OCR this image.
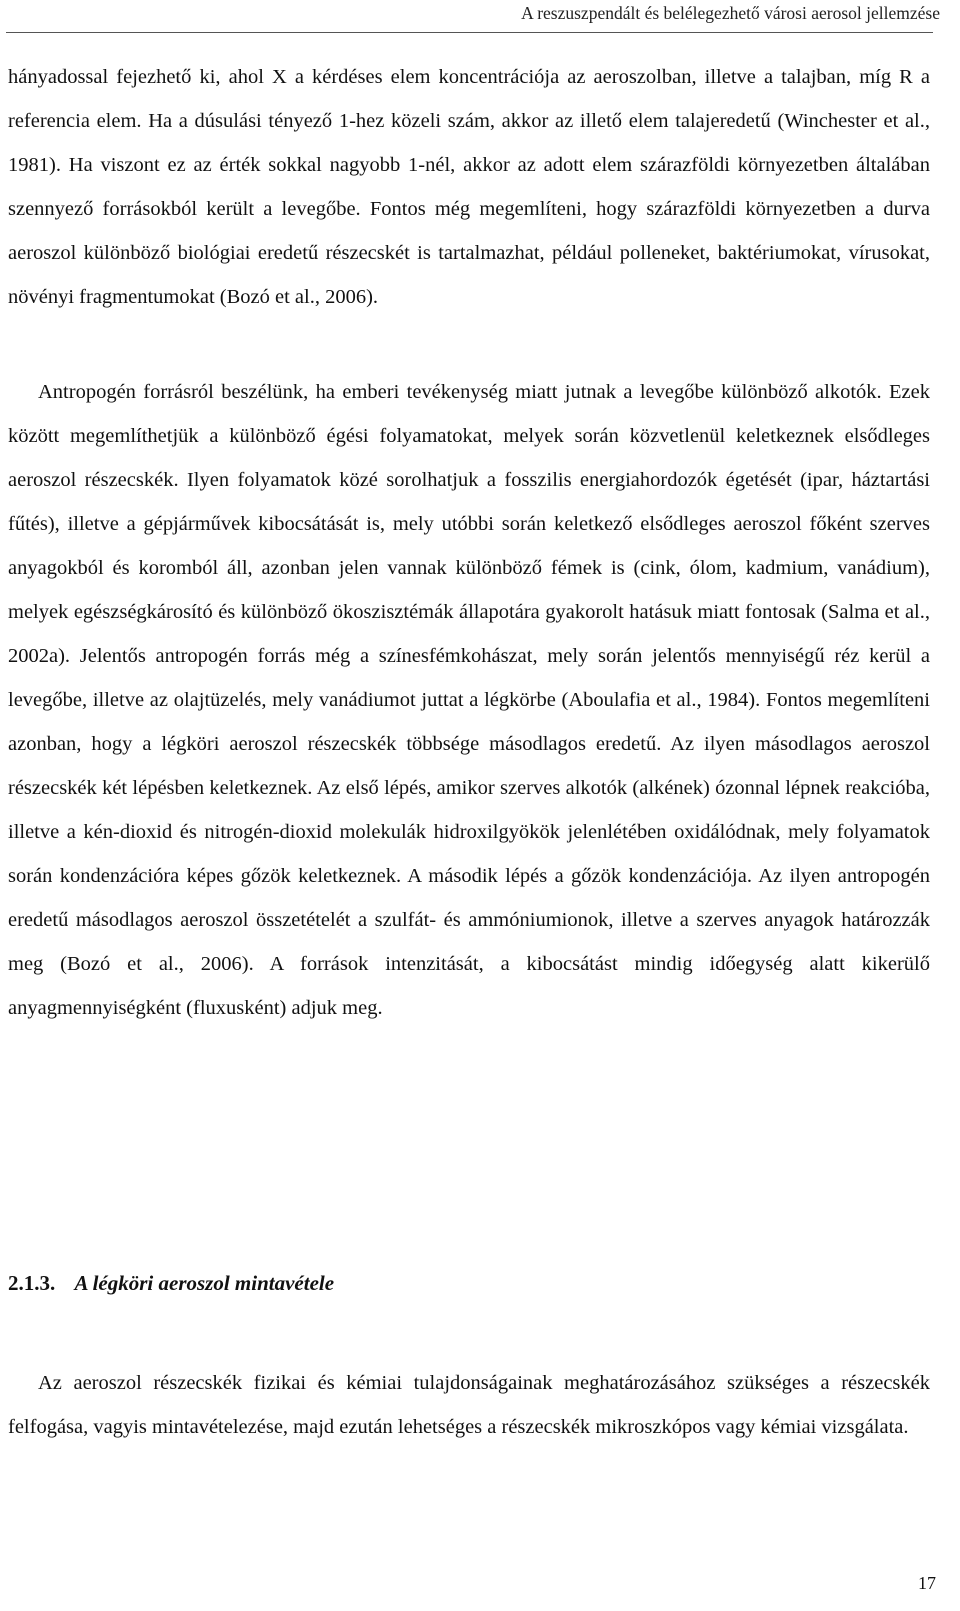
A reszuszpendált és belélegezhető városi aerosol jellemzése

hányadossal fejezhető ki, ahol X a kérdéses elem koncentrációja az aeroszolban, illetve a talajban, míg R a referencia elem. Ha a dúsulási tényező 1-hez közeli szám, akkor az illető elem talajeredetű (Winchester et al., 1981). Ha viszont ez az érték sokkal nagyobb 1-nél, akkor az adott elem szárazföldi környezetben általában szennyező forrásokból került a levegőbe. Fontos még megemlíteni, hogy szárazföldi környezetben a durva aeroszol különböző biológiai eredetű részecskét is tartalmazhat, például polleneket, baktériumokat, vírusokat, növényi fragmentumokat (Bozó et al., 2006).

Antropogén forrásról beszélünk, ha emberi tevékenység miatt jutnak a levegőbe különböző alkotók. Ezek között megemlíthetjük a különböző égési folyamatokat, melyek során közvetlenül keletkeznek elsődleges aeroszol részecskék. Ilyen folyamatok közé sorolhatjuk a fosszilis energiahordozók égetését (ipar, háztartási fűtés), illetve a gépjárművek kibocsátását is, mely utóbbi során keletkező elsődleges aeroszol főként szerves anyagokból és koromból áll, azonban jelen vannak különböző fémek is (cink, ólom, kadmium, vanádium), melyek egészségkárosító és különböző ökoszisztémák állapotára gyakorolt hatásuk miatt fontosak (Salma et al., 2002a). Jelentős antropogén forrás még a színesfémkohászat, mely során jelentős mennyiségű réz kerül a levegőbe, illetve az olajtüzelés, mely vanádiumot juttat a légkörbe (Aboulafia et al., 1984). Fontos megemlíteni azonban, hogy a légköri aeroszol részecskék többsége másodlagos eredetű. Az ilyen másodlagos aeroszol részecskék két lépésben keletkeznek. Az első lépés, amikor szerves alkotók (alkének) ózonnal lépnek reakcióba, illetve a kén-dioxid és nitrogén-dioxid molekulák hidroxilgyökök jelenlétében oxidálódnak, mely folyamatok során kondenzációra képes gőzök keletkeznek. A második lépés a gőzök kondenzációja. Az ilyen antropogén eredetű másodlagos aeroszol összetételét a szulfát- és ammóniumionok, illetve a szerves anyagok határozzák meg (Bozó et al., 2006). A források intenzitását, a kibocsátást mindig időegység alatt kikerülő anyagmennyiségként (fluxusként) adjuk meg.

2.1.3. A légköri aeroszol mintavétele

Az aeroszol részecskék fizikai és kémiai tulajdonságainak meghatározásához szükséges a részecskék felfogása, vagyis mintavételezése, majd ezután lehetséges a részecskék mikroszkópos vagy kémiai vizsgálata.

17
